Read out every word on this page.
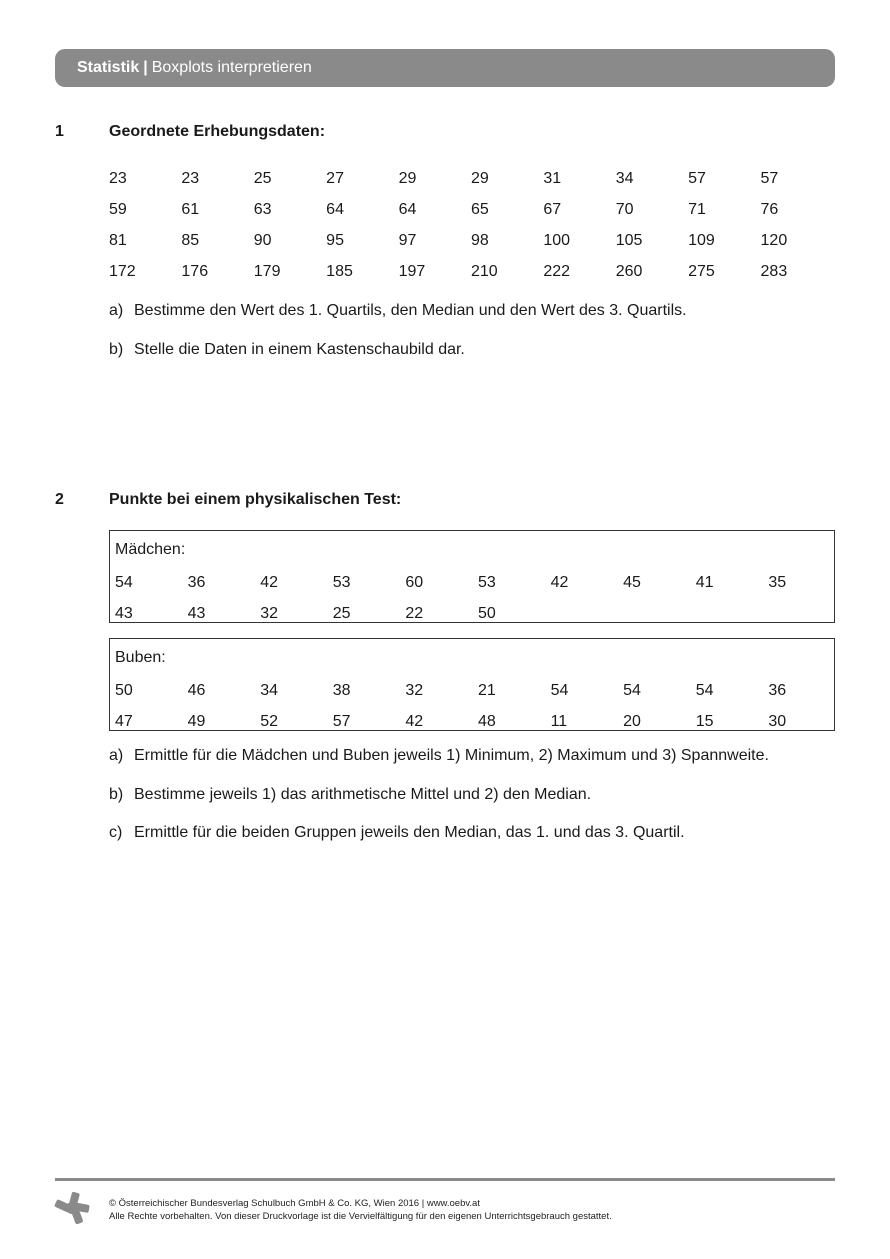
Statistik | Boxplots interpretieren
1	Geordnete Erhebungsdaten:
23	23	25	27	29	29	31	34	57	57
59	61	63	64	64	65	67	70	71	76
81	85	90	95	97	98	100	105	109	120
172	176	179	185	197	210	222	260	275	283
a) Bestimme den Wert des 1. Quartils, den Median und den Wert des 3. Quartils.
b) Stelle die Daten in einem Kastenschaubild dar.
2	Punkte bei einem physikalischen Test:
Mädchen:
54	36	42	53	60	53	42	45	41	35
43	43	32	25	22	50
Buben:
50	46	34	38	32	21	54	54	54	36
47	49	52	57	42	48	11	20	15	30
a) Ermittle für die Mädchen und Buben jeweils 1) Minimum, 2) Maximum und 3) Spannweite.
b) Bestimme jeweils 1) das arithmetische Mittel und 2) den Median.
c) Ermittle für die beiden Gruppen jeweils den Median, das 1. und das 3. Quartil.
© Österreichischer Bundesverlag Schulbuch GmbH & Co. KG, Wien 2016 | www.oebv.at
Alle Rechte vorbehalten. Von dieser Druckvorlage ist die Vervielfältigung für den eigenen Unterrichtsgebrauch gestattet.
